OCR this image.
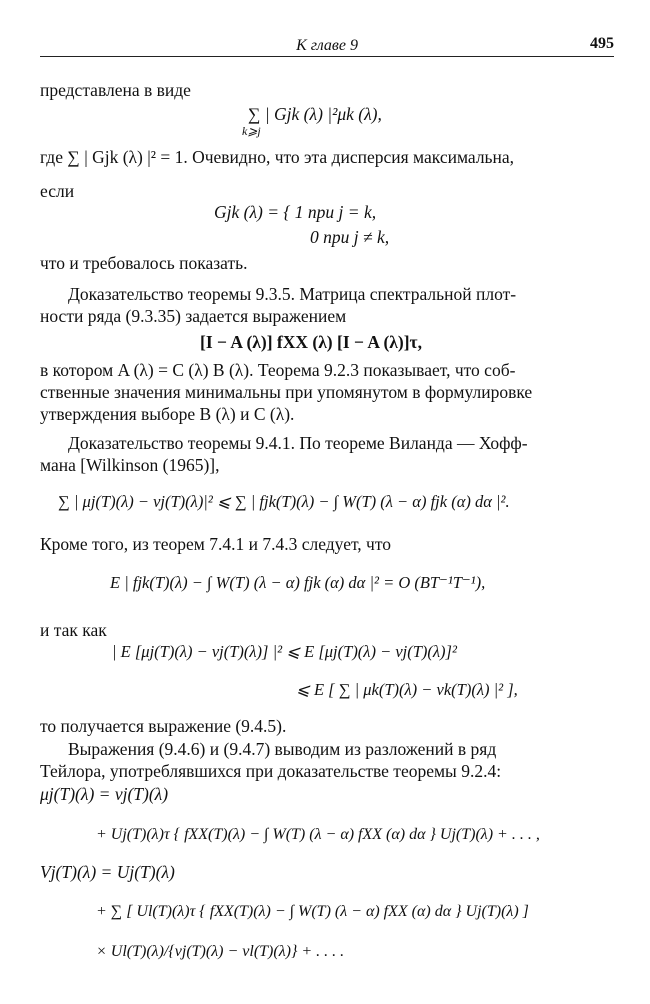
К главе 9	495
представлена в виде
∑ | Gjk (λ) |²μk (λ),
k⩾j
где ∑ | Gjk (λ) |² = 1. Очевидно, что эта дисперсия максимальна,
если
Gjk (λ) = { 1 при j = k,
0 при j ≠ k,
что и требовалось показать.
Доказательство теоремы 9.3.5. Матрица спектральной плот-
ности ряда (9.3.35) задается выражением
[I − A (λ)] fXX (λ) [I − A (λ)]τ,
в котором A (λ) = C (λ) B (λ). Теорема 9.2.3 показывает, что соб-
ственные значения минимальны при упомянутом в формулировке
утверждения выборе B (λ) и C (λ).
Доказательство теоремы 9.4.1. По теореме Виланда — Хофф-
мана [Wilkinson (1965)],
∑ | μj(T)(λ) − νj(T)(λ)|² ⩽ ∑ | fjk(T)(λ) − ∫ W(T) (λ − α) fjk (α) dα |².
Кроме того, из теорем 7.4.1 и 7.4.3 следует, что
E | fjk(T)(λ) − ∫ W(T) (λ − α) fjk (α) dα |² = O (BT⁻¹T⁻¹),
и так как
| E [μj(T)(λ) − νj(T)(λ)] |² ⩽ E [μj(T)(λ) − νj(T)(λ)]²
⩽ E [ ∑ | μk(T)(λ) − νk(T)(λ) |² ],
то получается выражение (9.4.5).
Выражения (9.4.6) и (9.4.7) выводим из разложений в ряд
Тейлора, употреблявшихся при доказательстве теоремы 9.2.4:
μj(T)(λ) = νj(T)(λ)
+ Uj(T)(λ)τ { fXX(T)(λ) − ∫ W(T) (λ − α) fXX (α) dα } Uj(T)(λ) + . . . ,
Vj(T)(λ) = Uj(T)(λ)
+ ∑ [ Ul(T)(λ)τ { fXX(T)(λ) − ∫ W(T) (λ − α) fXX (α) dα } Uj(T)(λ) ]
× Ul(T)(λ)/{νj(T)(λ) − νl(T)(λ)} + . . . .
